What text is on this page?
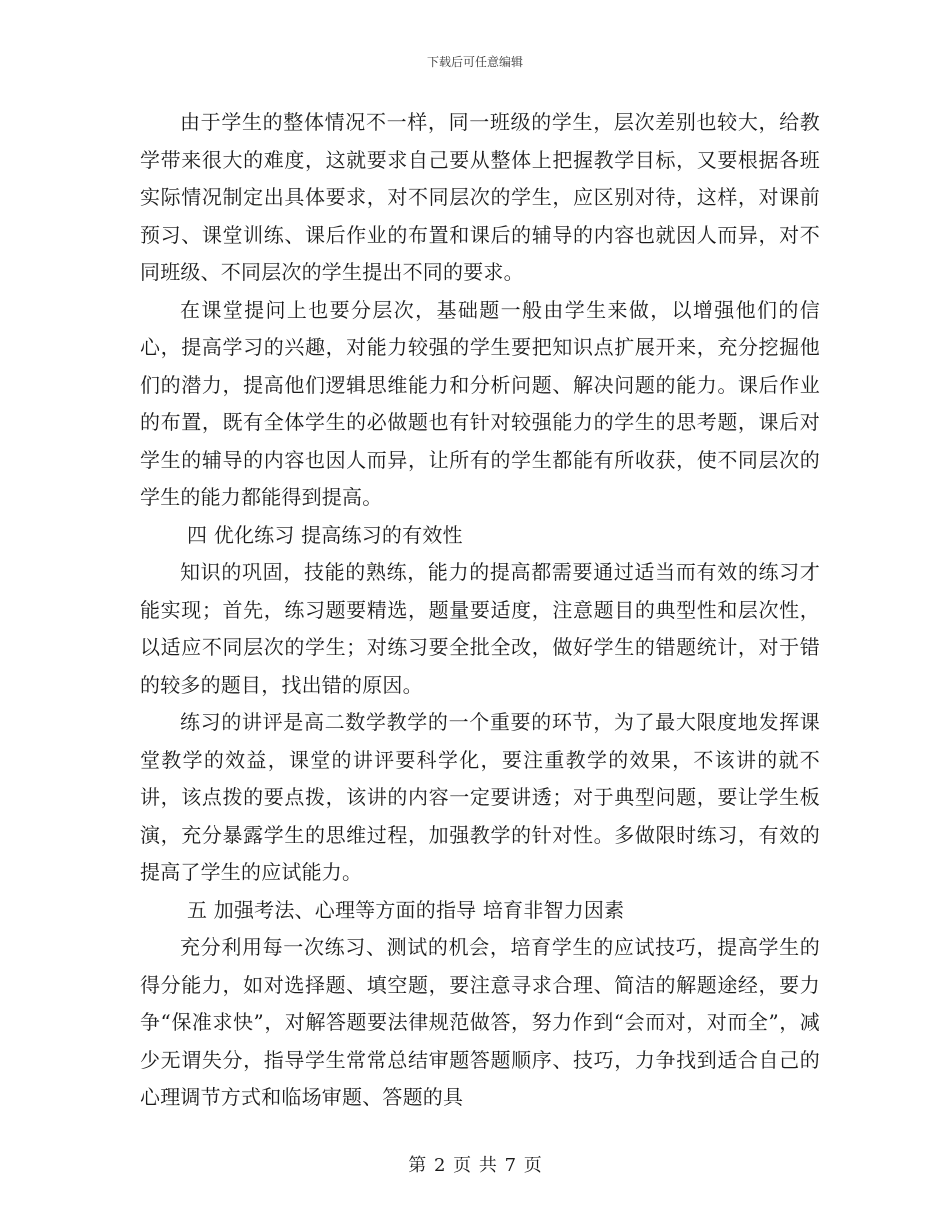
下载后可任意编辑

由于学生的整体情况不一样，同一班级的学生，层次差别也较大，给教学带来很大的难度，这就要求自己要从整体上把握教学目标，又要根据各班实际情况制定出具体要求，对不同层次的学生，应区别对待，这样，对课前预习、课堂训练、课后作业的布置和课后的辅导的内容也就因人而异，对不同班级、不同层次的学生提出不同的要求。

在课堂提问上也要分层次，基础题一般由学生来做，以增强他们的信心，提高学习的兴趣，对能力较强的学生要把知识点扩展开来，充分挖掘他们的潜力，提高他们逻辑思维能力和分析问题、解决问题的能力。课后作业的布置，既有全体学生的必做题也有针对较强能力的学生的思考题，课后对学生的辅导的内容也因人而异，让所有的学生都能有所收获，使不同层次的学生的能力都能得到提高。

四 优化练习 提高练习的有效性

知识的巩固，技能的熟练，能力的提高都需要通过适当而有效的练习才能实现；首先，练习题要精选，题量要适度，注意题目的典型性和层次性，以适应不同层次的学生；对练习要全批全改，做好学生的错题统计，对于错的较多的题目，找出错的原因。

练习的讲评是高二数学教学的一个重要的环节，为了最大限度地发挥课堂教学的效益，课堂的讲评要科学化，要注重教学的效果，不该讲的就不讲，该点拨的要点拨，该讲的内容一定要讲透；对于典型问题，要让学生板演，充分暴露学生的思维过程，加强教学的针对性。多做限时练习，有效的提高了学生的应试能力。

五 加强考法、心理等方面的指导 培育非智力因素

充分利用每一次练习、测试的机会，培育学生的应试技巧，提高学生的得分能力，如对选择题、填空题，要注意寻求合理、简洁的解题途经，要力争“保准求快”，对解答题要法律规范做答，努力作到“会而对，对而全”，减少无谓失分，指导学生常常总结审题答题顺序、技巧，力争找到适合自己的心理调节方式和临场审题、答题的具

第 2 页 共 7 页
